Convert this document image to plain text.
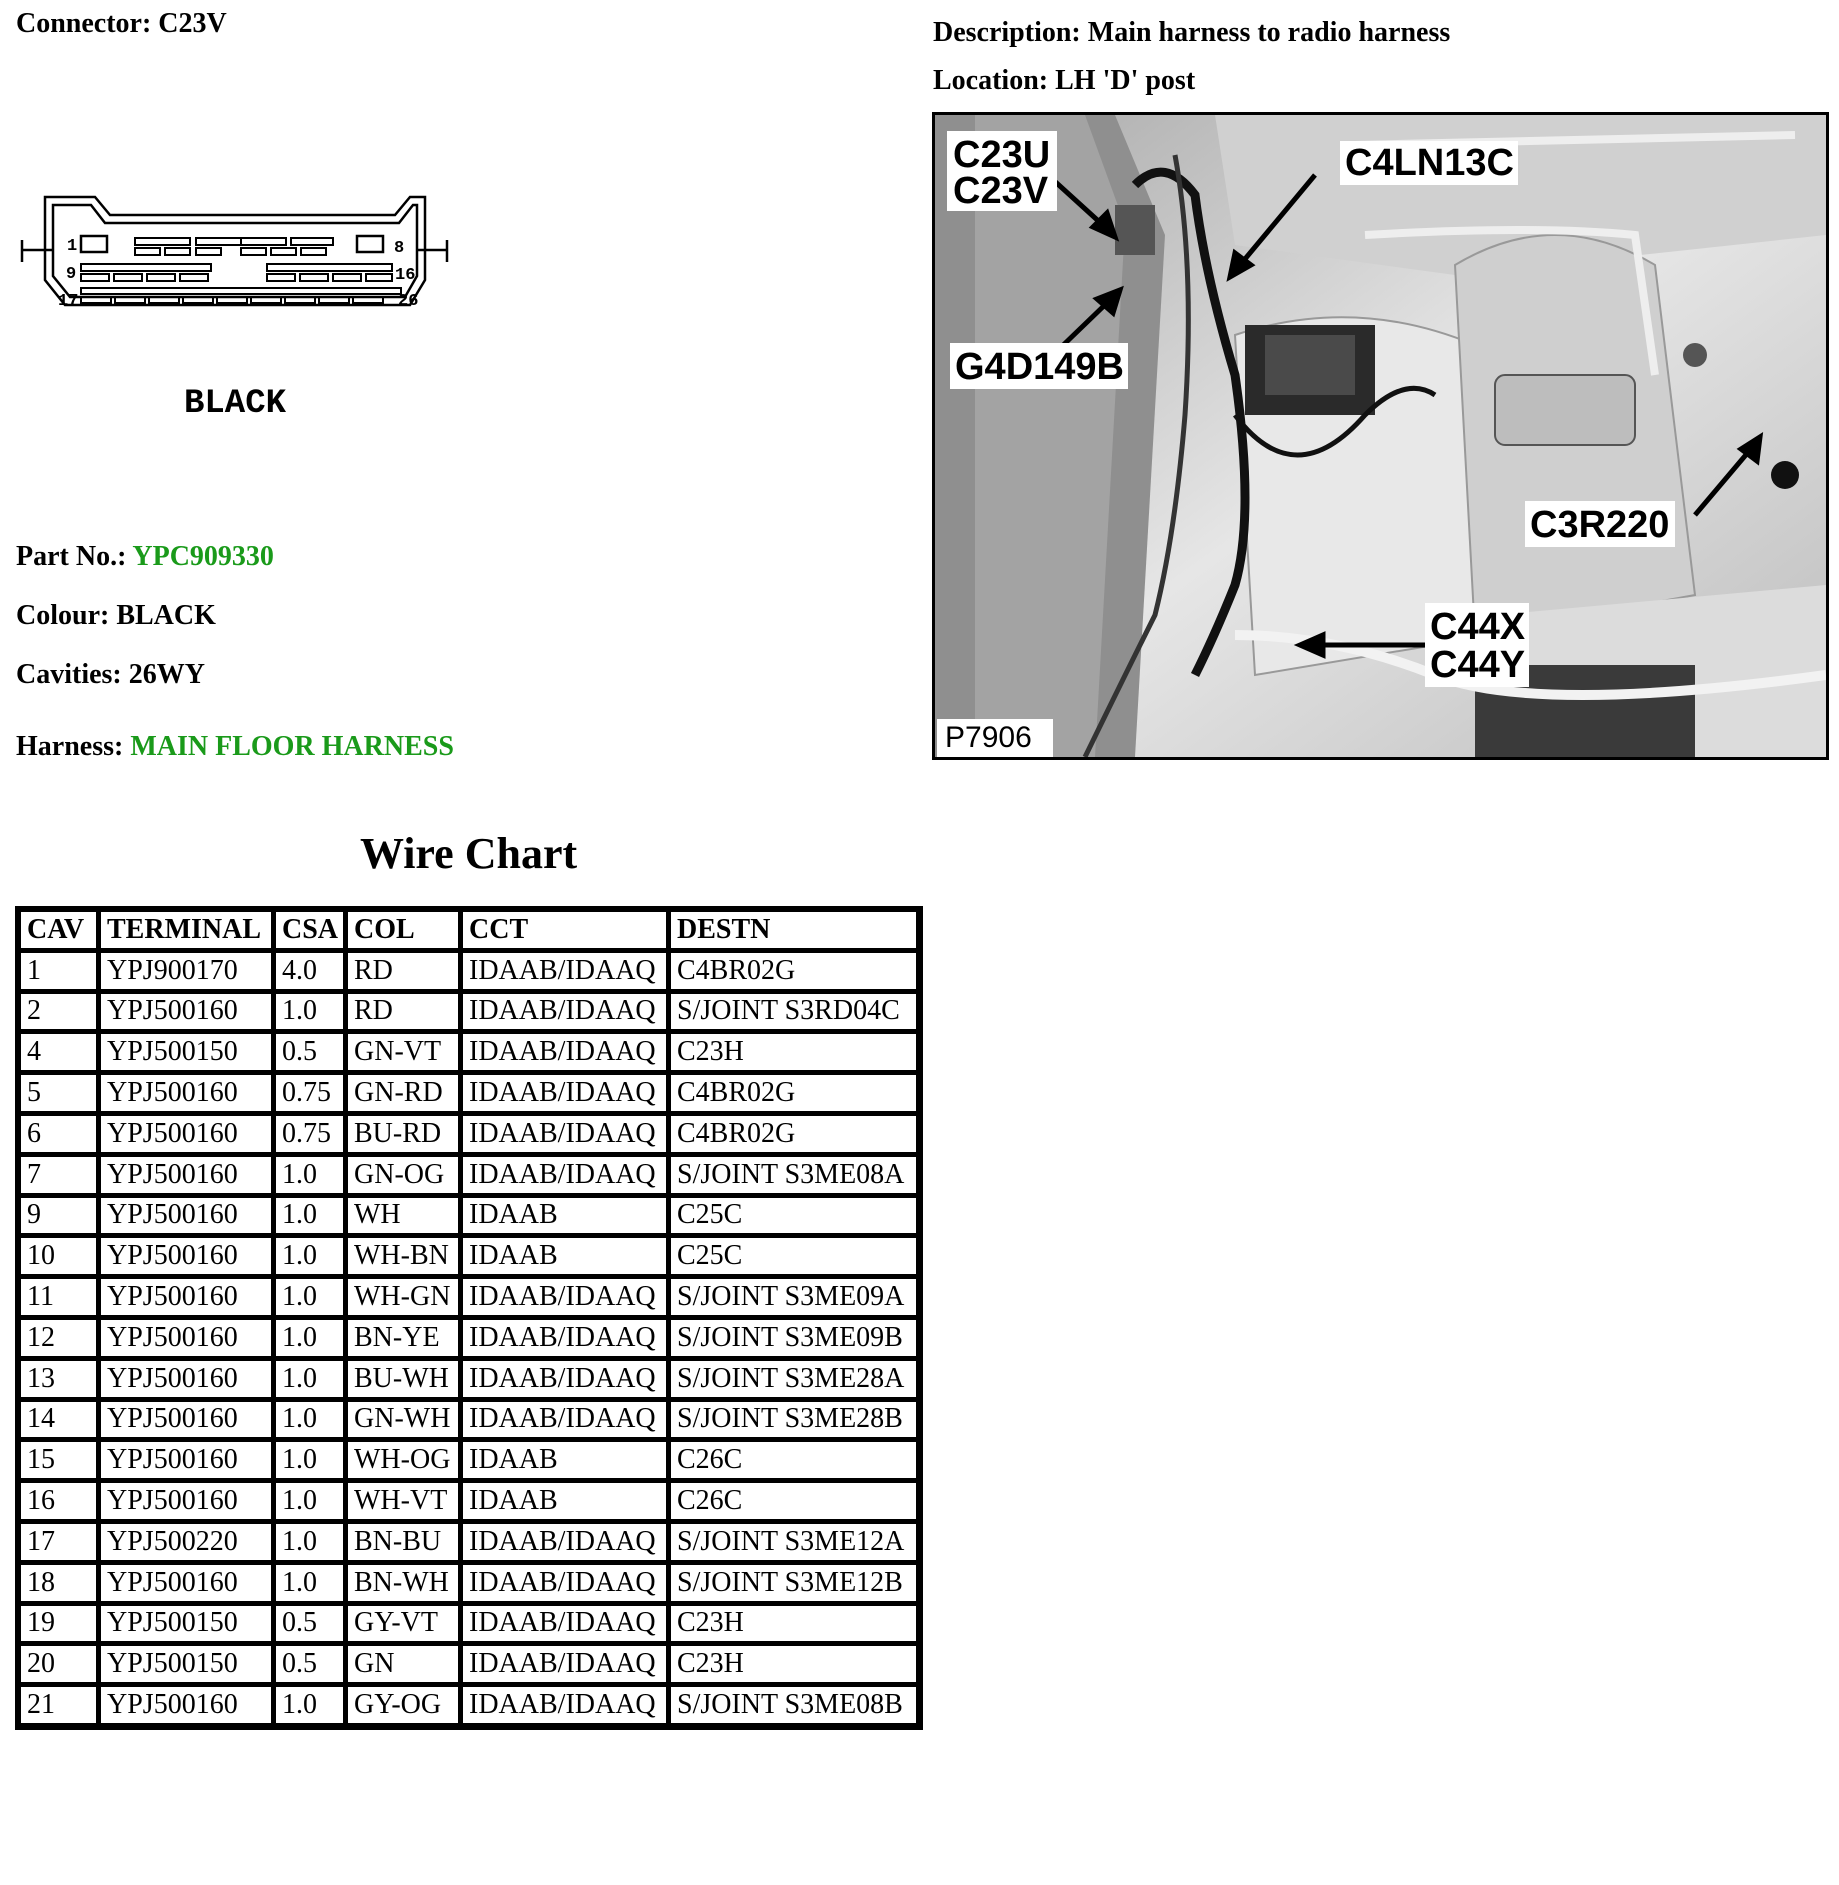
Connector: C23V	Description: Main harness to radio harness
Location: LH 'D' post
1	8
9	16
17	26
BLACK
Part No.: YPC909330
Colour: BLACK
Cavities: 26WY
Harness: MAIN FLOOR HARNESS
C23U
C23V
C4LN13C
G4D149B
C3R220
C44X
C44Y
P7906
Wire Chart
CAV	TERMINAL	CSA	COL	CCT	DESTN
1	YPJ900170	4.0	RD	IDAAB/IDAAQ	C4BR02G
2	YPJ500160	1.0	RD	IDAAB/IDAAQ	S/JOINT S3RD04C
4	YPJ500150	0.5	GN-VT	IDAAB/IDAAQ	C23H
5	YPJ500160	0.75	GN-RD	IDAAB/IDAAQ	C4BR02G
6	YPJ500160	0.75	BU-RD	IDAAB/IDAAQ	C4BR02G
7	YPJ500160	1.0	GN-OG	IDAAB/IDAAQ	S/JOINT S3ME08A
9	YPJ500160	1.0	WH	IDAAB	C25C
10	YPJ500160	1.0	WH-BN	IDAAB	C25C
11	YPJ500160	1.0	WH-GN	IDAAB/IDAAQ	S/JOINT S3ME09A
12	YPJ500160	1.0	BN-YE	IDAAB/IDAAQ	S/JOINT S3ME09B
13	YPJ500160	1.0	BU-WH	IDAAB/IDAAQ	S/JOINT S3ME28A
14	YPJ500160	1.0	GN-WH	IDAAB/IDAAQ	S/JOINT S3ME28B
15	YPJ500160	1.0	WH-OG	IDAAB	C26C
16	YPJ500160	1.0	WH-VT	IDAAB	C26C
17	YPJ500220	1.0	BN-BU	IDAAB/IDAAQ	S/JOINT S3ME12A
18	YPJ500160	1.0	BN-WH	IDAAB/IDAAQ	S/JOINT S3ME12B
19	YPJ500150	0.5	GY-VT	IDAAB/IDAAQ	C23H
20	YPJ500150	0.5	GN	IDAAB/IDAAQ	C23H
21	YPJ500160	1.0	GY-OG	IDAAB/IDAAQ	S/JOINT S3ME08B
